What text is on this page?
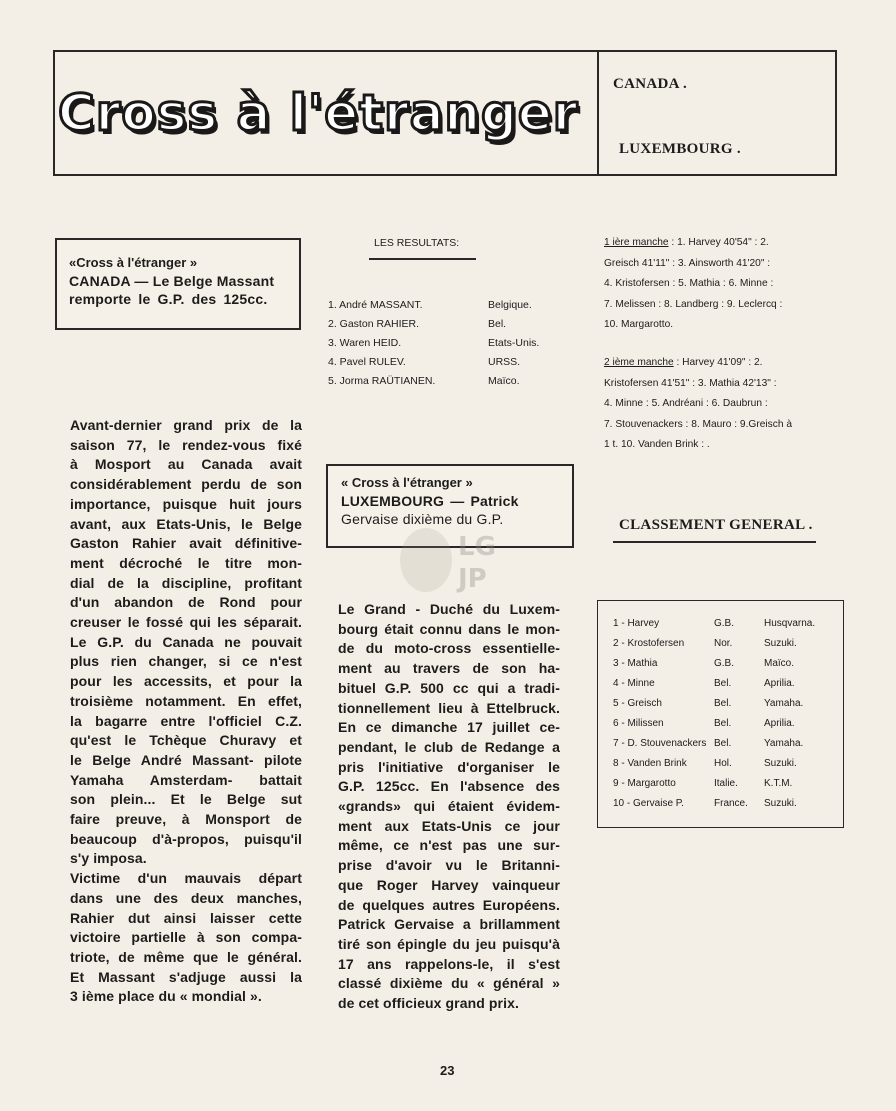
Cross à l'étranger	CANADA .
LUXEMBOURG .
«Cross à l'étranger »
CANADA — Le Belge Massant
remporte le G.P. des 125cc.

Avant-dernier grand prix de la

saison 77, le rendez-vous fixé

à Mosport au Canada avait

considérablement perdu de son

importance, puisque huit jours

avant, aux Etats-Unis, le Belge

Gaston Rahier avait définitive-

ment décroché le titre mon-

dial de la discipline, profitant

d'un abandon de Rond pour

creuser le fossé qui les séparait.

Le G.P. du Canada ne pouvait

plus rien changer, si ce n'est

pour les accessits, et pour la

troisième notamment. En effet,

la bagarre entre l'officiel C.Z.

qu'est le Tchèque Churavy et

le Belge André Massant- pilote

Yamaha Amsterdam- battait

son plein... Et le Belge sut

faire preuve, à Monsport de

beaucoup d'à-propos, puisqu'il

s'y imposa.

Victime d'un mauvais départ

dans une des deux manches,

Rahier dut ainsi laisser cette

victoire partielle à son compa-

triote, de même que le général.

Et Massant s'adjuge aussi la

3 ième place du « mondial ».

LES RESULTATS:
1. André MASSANT.	Belgique.
2. Gaston RAHIER.	Bel.
3. Waren HEID.	Etats-Unis.
4. Pavel RULEV.	URSS.
5. Jorma RAÜTIANEN.	Maïco.
« Cross à l'étranger »
LUXEMBOURG — Patrick
Gervaise dixième du G.P.
LG
JP

Le Grand - Duché du Luxem-

bourg était connu dans le mon-

de du moto-cross essentielle-

ment au travers de son ha-

bituel G.P. 500 cc qui a tradi-

tionnellement lieu à Ettelbruck.

En ce dimanche 17 juillet ce-

pendant, le club de Redange a

pris l'initiative d'organiser le

G.P. 125cc. En l'absence des

«grands» qui étaient évidem-

ment aux Etats-Unis ce jour

même, ce n'est pas une sur-

prise d'avoir vu le Britanni-

que Roger Harvey vainqueur

de quelques autres Européens.

Patrick Gervaise a brillamment

tiré son épingle du jeu puisqu'à

17 ans rappelons-le, il s'est

classé dixième du « général »

de cet officieux grand prix.

1 ière manche : 1. Harvey 40'54" : 2.
Greisch 41'11" : 3. Ainsworth 41'20" :
4. Kristofersen : 5. Mathia : 6. Minne :
7. Melissen : 8. Landberg : 9. Leclercq :
10. Margarotto.
2 ième manche : Harvey 41'09" : 2.
Kristofersen 41'51" : 3. Mathia 42'13" :
4. Minne : 5. Andréani : 6. Daubrun :
7. Stouvenackers : 8. Mauro : 9.Greisch à
1 t. 10. Vanden Brink : .
CLASSEMENT GENERAL .
1 - Harvey	G.B.	Husqvarna.
2 - Krostofersen	Nor.	Suzuki.
3 - Mathia	G.B.	Maïco.
4 - Minne	Bel.	Aprilia.
5 - Greisch	Bel.	Yamaha.
6 - Milissen	Bel.	Aprilia.
7 - D. Stouvenackers Bel.	Yamaha.
8 - Vanden Brink	Hol.	Suzuki.
9 - Margarotto	Italie.	K.T.M.
10 - Gervaise P.	France.	Suzuki.
23
